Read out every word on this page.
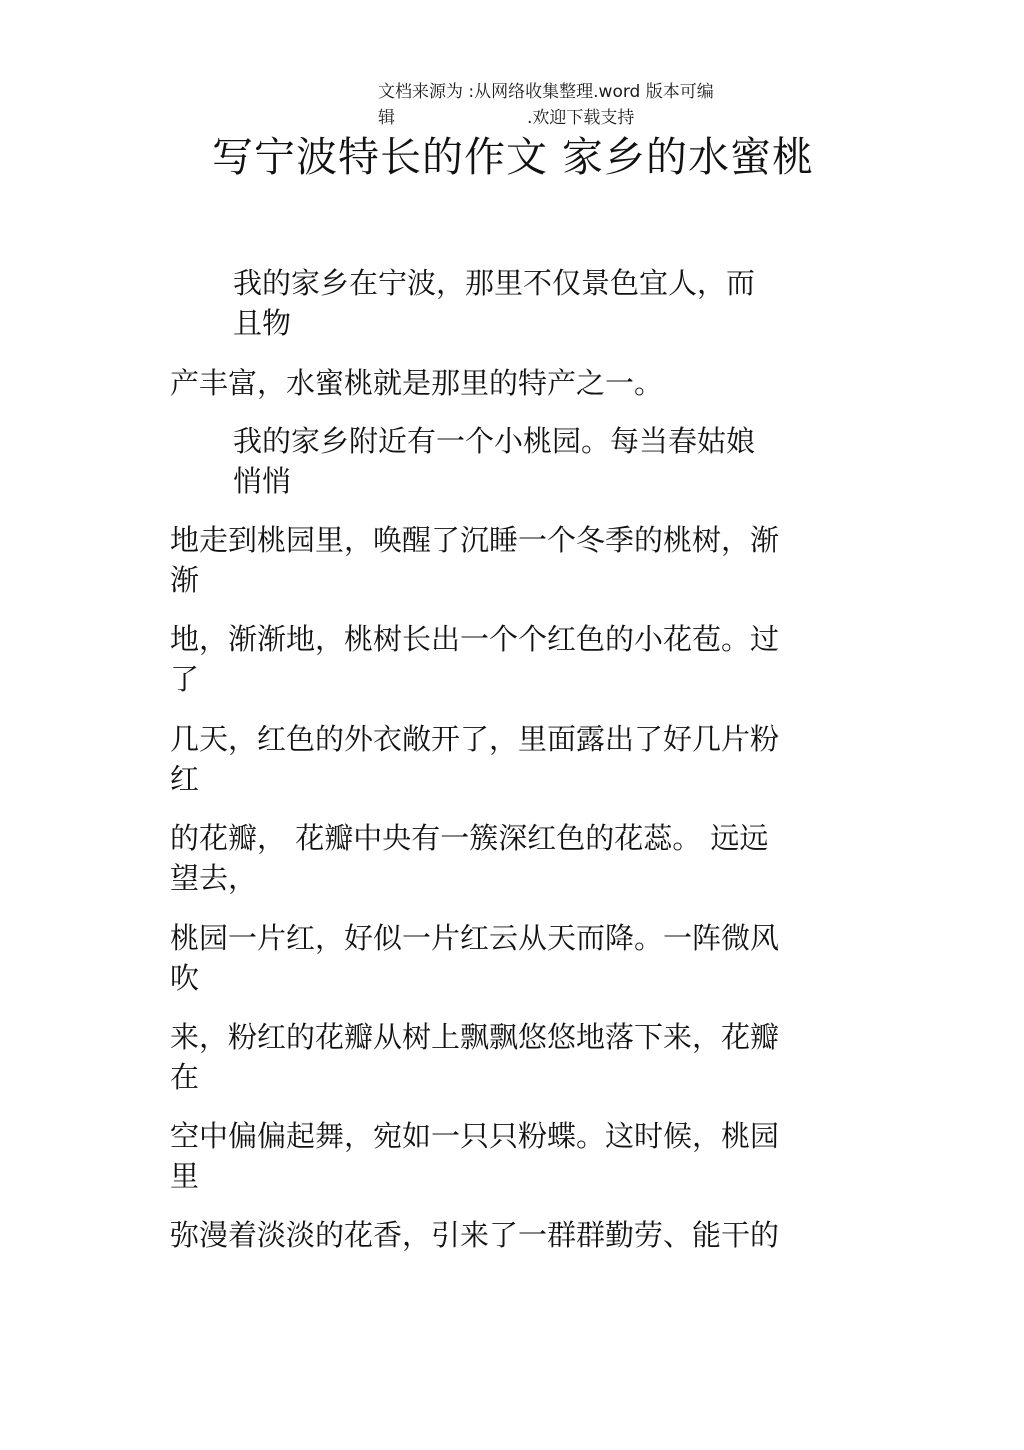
文档来源为 :从网络收集整理.word 版本可编
辑	.欢迎下载支持
写宁波特长的作文 家乡的水蜜桃
我的家乡在宁波，那里不仅景色宜人，而
且物
产丰富，水蜜桃就是那里的特产之一。
我的家乡附近有一个小桃园。每当春姑娘
悄悄
地走到桃园里，唤醒了沉睡一个冬季的桃树，渐
渐
地，渐渐地，桃树长出一个个红色的小花苞。过
了
几天，红色的外衣敞开了，里面露出了好几片粉
红
的花瓣， 花瓣中央有一簇深红色的花蕊。 远远
望去，
桃园一片红，好似一片红云从天而降。一阵微风
吹
来，粉红的花瓣从树上飘飘悠悠地落下来，花瓣
在
空中偏偏起舞，宛如一只只粉蝶。这时候，桃园
里
弥漫着淡淡的花香，引来了一群群勤劳、能干的
